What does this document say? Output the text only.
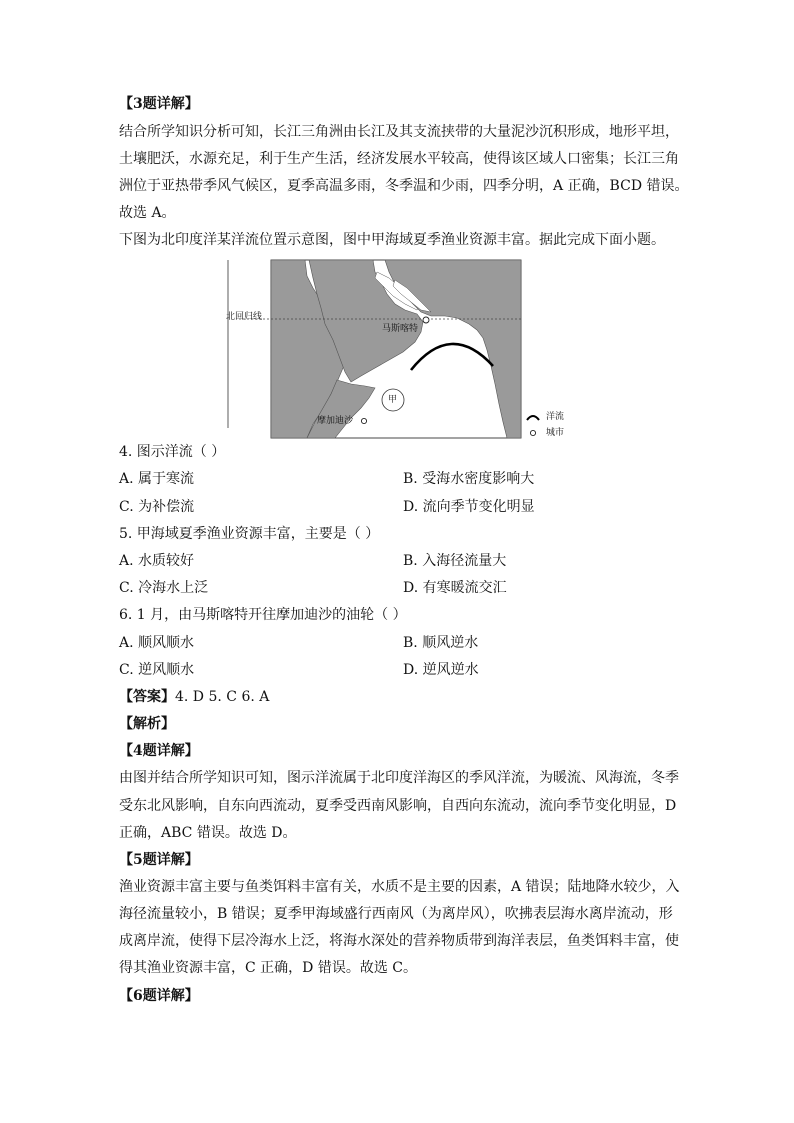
【3题详解】
结合所学知识分析可知，长江三角洲由长江及其支流挟带的大量泥沙沉积形成，地形平坦，
土壤肥沃，水源充足，利于生产生活，经济发展水平较高，使得该区域人口密集；长江三角
洲位于亚热带季风气候区，夏季高温多雨，冬季温和少雨，四季分明，A 正确，BCD 错误。
故选 A。
下图为北印度洋某洋流位置示意图，图中甲海域夏季渔业资源丰富。据此完成下面小题。
北回归线
马斯喀特
摩加迪沙
甲
洋流
城市
4. 图示洋流（ ）
A. 属于寒流	B. 受海水密度影响大
C. 为补偿流	D. 流向季节变化明显
5. 甲海域夏季渔业资源丰富，主要是（ ）
A. 水质较好	B. 入海径流量大
C. 冷海水上泛	D. 有寒暖流交汇
6. 1 月，由马斯喀特开往摩加迪沙的油轮（ ）
A. 顺风顺水	B. 顺风逆水
C. 逆风顺水	D. 逆风逆水
【答案】4. D 5. C 6. A
【解析】
【4题详解】
由图并结合所学知识可知，图示洋流属于北印度洋海区的季风洋流，为暖流、风海流，冬季
受东北风影响，自东向西流动，夏季受西南风影响，自西向东流动，流向季节变化明显，D
正确，ABC 错误。故选 D。
【5题详解】
渔业资源丰富主要与鱼类饵料丰富有关，水质不是主要的因素，A 错误；陆地降水较少，入
海径流量较小，B 错误；夏季甲海域盛行西南风（为离岸风），吹拂表层海水离岸流动，形
成离岸流，使得下层冷海水上泛，将海水深处的营养物质带到海洋表层，鱼类饵料丰富，使
得其渔业资源丰富，C 正确，D 错误。故选 C。
【6题详解】
